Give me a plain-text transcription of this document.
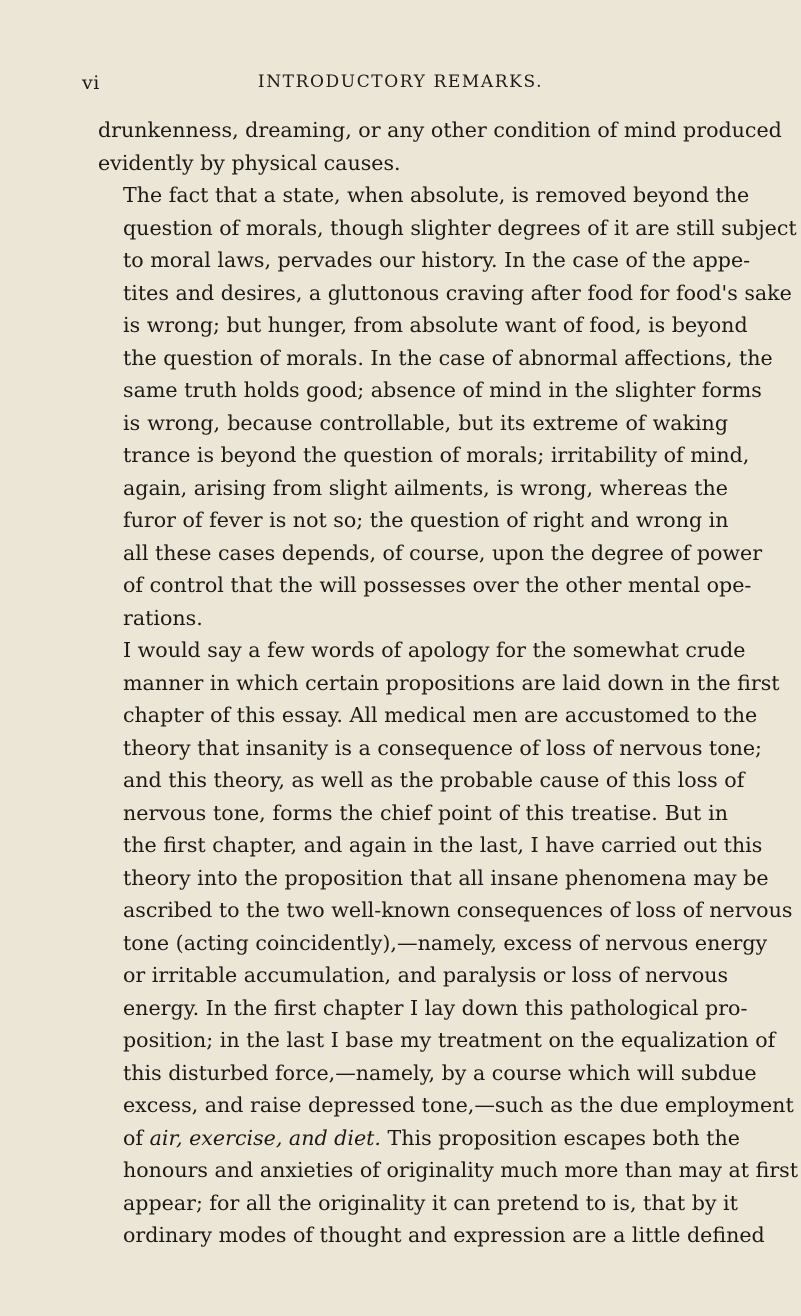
vi	INTRODUCTORY REMARKS.

drunkenness, dreaming, or any other condition of mind produced
evidently by physical causes.

The fact that a state, when absolute, is removed beyond the
question of morals, though slighter degrees of it are still subject
to moral laws, pervades our history. In the case of the appe-
tites and desires, a gluttonous craving after food for food's sake
is wrong; but hunger, from absolute want of food, is beyond
the question of morals. In the case of abnormal affections, the
same truth holds good; absence of mind in the slighter forms
is wrong, because controllable, but its extreme of waking
trance is beyond the question of morals; irritability of mind,
again, arising from slight ailments, is wrong, whereas the
furor of fever is not so; the question of right and wrong in
all these cases depends, of course, upon the degree of power
of control that the will possesses over the other mental ope-
rations.

I would say a few words of apology for the somewhat crude
manner in which certain propositions are laid down in the first
chapter of this essay. All medical men are accustomed to the
theory that insanity is a consequence of loss of nervous tone;
and this theory, as well as the probable cause of this loss of
nervous tone, forms the chief point of this treatise. But in
the first chapter, and again in the last, I have carried out this
theory into the proposition that all insane phenomena may be
ascribed to the two well-known consequences of loss of nervous
tone (acting coincidently),—namely, excess of nervous energy
or irritable accumulation, and paralysis or loss of nervous
energy. In the first chapter I lay down this pathological pro-
position; in the last I base my treatment on the equalization of
this disturbed force,—namely, by a course which will subdue
excess, and raise depressed tone,—such as the due employment
of air, exercise, and diet. This proposition escapes both the
honours and anxieties of originality much more than may at first
appear; for all the originality it can pretend to is, that by it
ordinary modes of thought and expression are a little defined
